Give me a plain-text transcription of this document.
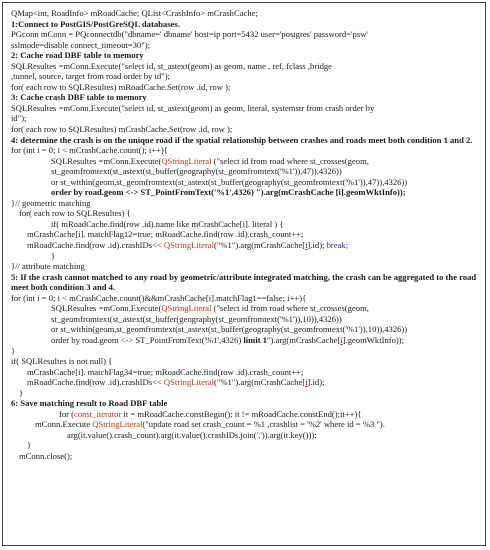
QMap<int, RoadInfo> mRoadCache; QList<CrashInfo> mCrashCache;
1:Connect to PostGIS/PostGreSQL databases.
PGconn mConn = PQconnectdb("dbname=' dbname' host=ip port=5432 user='postgres' password='psw'
sslmode=disable connect_timeout=30");
2: Cache road DBF table to memory
SQLResultes =mConn.Execute("select id, st_astext(geom) as geom, name , ref, fclass ,bridge
,tunnel, source, target from road order by id");
for( each row to SQLResultes) mRoadCache.Set(row .id, row );
3: Cache crash DBF table to memory
SQLResultes =mConn.Execute("select id, st_astext(geom) as geom, literal, systemstr from crash order by
id");
for( each row to SQLResultes) mCrashCache.Set(row .id, row );
4: determine the crash is on the unique road if the spatial relationship between crashes and roads meet both condition 1 and 2.
for (int i = 0; i < mCrashCache.count(); i++){
SQLResultes =mConn.Execute(QStringLiteral ("select id from road where st_crosses(geom,
st_geomfromtext(st_astext(st_buffer(geography(st_geomfromtext('%1')),47)),4326))
or st_within(geom,st_geomfromtext(st_astext(st_buffer(geography(st_geomfromtext('%1')),47)),4326))
order by road.geom <-> ST_PointFromText('%1',4326) ").arg(mCrashCache [i].geomWktInfo));
}// geometric matching
for( each row to SQLResultes) {
if( mRoadCache.find(row .id).name like mCrashCache[i]. literal ) {
mCrashCache[i]. matchFlag12=true; mRoadCache.find(row .id).crash_count++;
mRoadCache.find(row .id).crashIDs<< QStringLiteral("%1").arg(mCrashCache[i].id); break;
}
}// attribute matching
5: If the crash cannot matched to any road by geometric/attribute integrated matching, the crash can be aggregated to the road meet both condition 3 and 4.
for (int i = 0; i < mCrashCache.count()&&mCrashCache[i].matchFlag1==false; i++){
SQLResultes =mConn.Execute(QStringLiteral ("select id from road where st_crosses(geom,
st_geomfromtext(st_astext(st_buffer(geography(st_geomfromtext('%1')),10)),4326))
or st_within(geom,st_geomfromtext(st_astext(st_buffer(geography(st_geomfromtext('%1')),10)),4326))
order by road.geom <-> ST_PointFromText('%1',4326) limit 1").arg(mCrashCache[i].geomWktInfo));
}
if( SQLResultes is not null) {
mCrashCache[i]. matchFlag34=true; mRoadCache.find(row .id).crash_count++;
mRoadCache.find(row .id).crashIDs<< QStringLiteral("%1").arg(mCrashCache[i].id);
}
6: Save matching result to Road DBF table
for (const_iterator it = mRoadCache.constBegin(); it != mRoadCache.constEnd();it++){
mConn.Execute QStringLiteral("update road set crash_count = %1 ,crashlist = '%2' where id = %3 ").
arg(it.value().crash_count).arg(it.value().crashIDs.join(',')).arg(it.key()));
}
mConn.close();
